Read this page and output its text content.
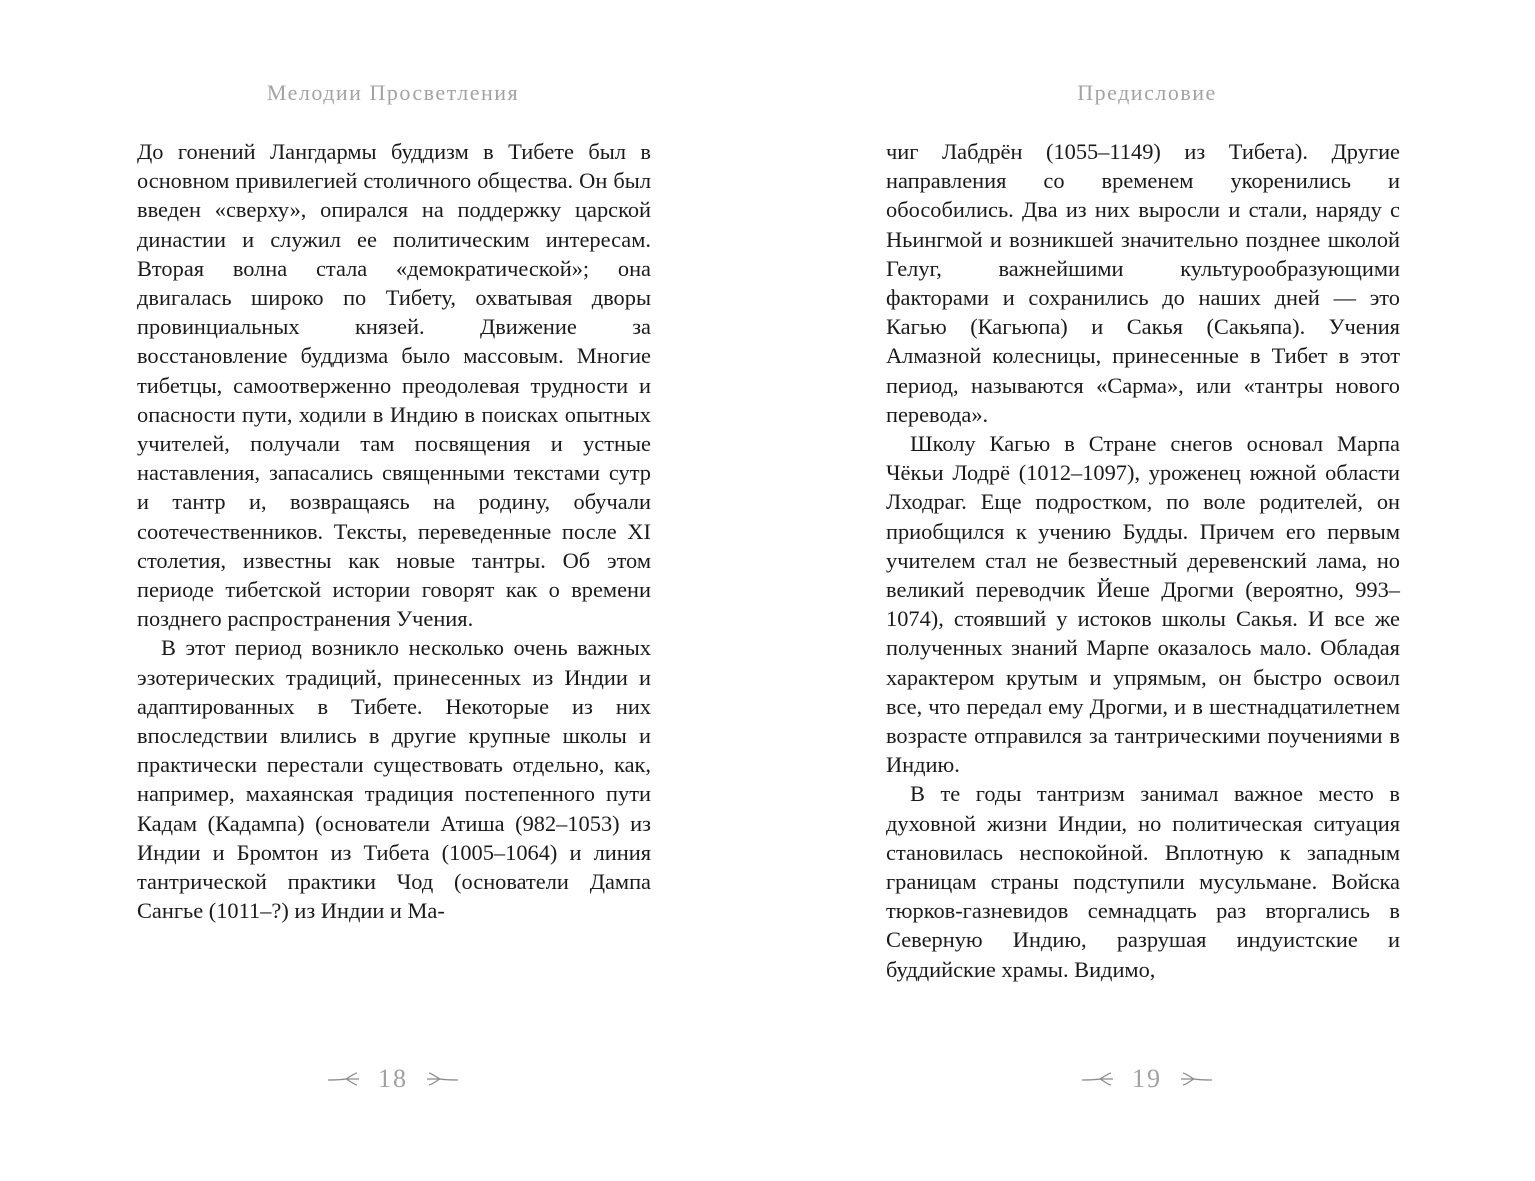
Мелодии Просветления

До гонений Лангдармы буддизм в Тибете был в основном привилегией столичного общества. Он был введен «сверху», опирался на поддержку царской династии и служил ее политическим интересам. Вторая волна стала «демократической»; она двигалась широко по Тибету, охватывая дворы провинциальных князей. Движение за восстановление буддизма было массовым. Многие тибетцы, самоотверженно преодолевая трудности и опасности пути, ходили в Индию в поисках опытных учителей, получали там посвящения и устные наставления, запасались священными текстами сутр и тантр и, возвращаясь на родину, обучали соотечественников. Тексты, переведенные после XI столетия, известны как новые тантры. Об этом периоде тибетской истории говорят как о времени позднего распространения Учения.

В этот период возникло несколько очень важных эзотерических традиций, принесенных из Индии и адаптированных в Тибете. Некоторые из них впоследствии влились в другие крупные школы и практически перестали существовать отдельно, как, например, махаянская традиция постепенного пути Кадам (Кадампа) (основатели Атиша (982–1053) из Индии и Бромтон из Тибета (1005–1064) и линия тантрической практики Чод (основатели Дампа Сангье (1011–?) из Индии и Ма-

18
Предисловие

чиг Лабдрён (1055–1149) из Тибета). Другие направления со временем укоренились и обособились. Два из них выросли и стали, наряду с Ньингмой и возникшей значительно позднее школой Гелуг, важнейшими культурообразующими факторами и сохранились до наших дней — это Кагью (Кагьюпа) и Сакья (Сакьяпа). Учения Алмазной колесницы, принесенные в Тибет в этот период, называются «Сарма», или «тантры нового перевода».

Школу Кагью в Стране снегов основал Марпа Чёкьи Лодрё (1012–1097), уроженец южной области Лходраг. Еще подростком, по воле родителей, он приобщился к учению Будды. Причем его первым учителем стал не безвестный деревенский лама, но великий переводчик Йеше Дрогми (вероятно, 993–1074), стоявший у истоков школы Сакья. И все же полученных знаний Марпе оказалось мало. Обладая характером крутым и упрямым, он быстро освоил все, что передал ему Дрогми, и в шестнадцатилетнем возрасте отправился за тантрическими поучениями в Индию.

В те годы тантризм занимал важное место в духовной жизни Индии, но политическая ситуация становилась неспокойной. Вплотную к западным границам страны подступили мусульмане. Войска тюрков-газневидов семнадцать раз вторгались в Северную Индию, разрушая индуистские и буддийские храмы. Видимо,

19
